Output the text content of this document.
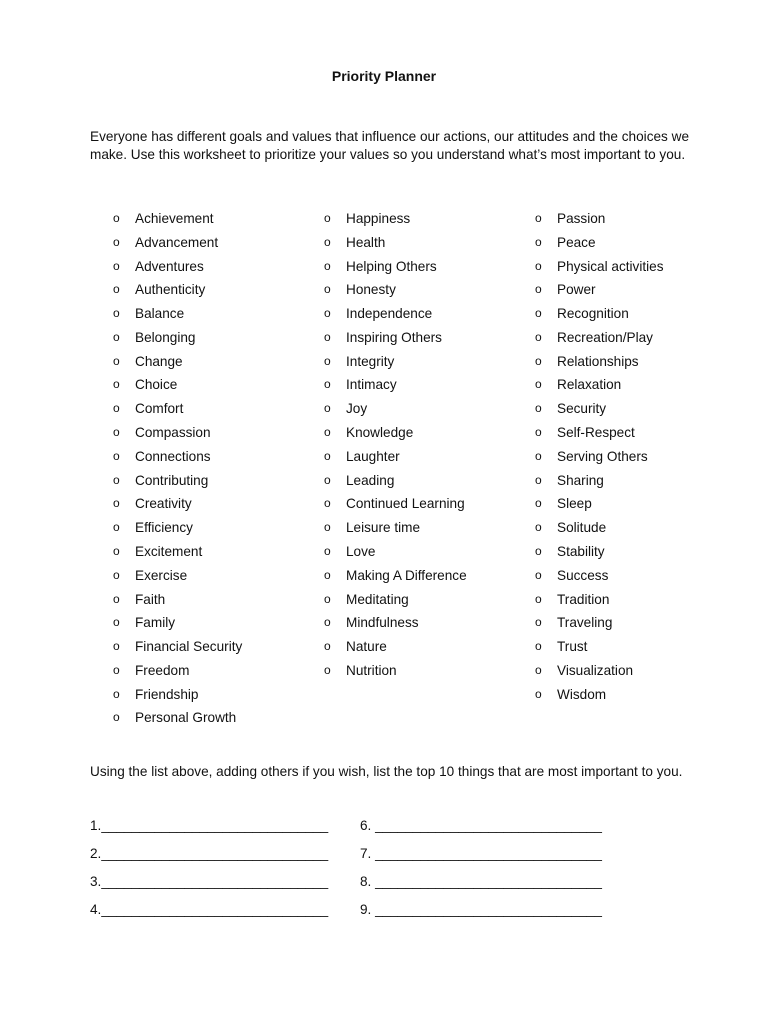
Priority Planner
Everyone has different goals and values that influence our actions, our attitudes and the choices we make. Use this worksheet to prioritize your values so you understand what’s most important to you.
o Achievement
o Advancement
o Adventures
o Authenticity
o Balance
o Belonging
o Change
o Choice
o Comfort
o Compassion
o Connections
o Contributing
o Creativity
o Efficiency
o Excitement
o Exercise
o Faith
o Family
o Financial Security
o Freedom
o Friendship
o Personal Growth
o Happiness
o Health
o Helping Others
o Honesty
o Independence
o Inspiring Others
o Integrity
o Intimacy
o Joy
o Knowledge
o Laughter
o Leading
o Continued Learning
o Leisure time
o Love
o Making A Difference
o Meditating
o Mindfulness
o Nature
o Nutrition
o Passion
o Peace
o Physical activities
o Power
o Recognition
o Recreation/Play
o Relationships
o Relaxation
o Security
o Self-Respect
o Serving Others
o Sharing
o Sleep
o Solitude
o Stability
o Success
o Tradition
o Traveling
o Trust
o Visualization
o Wisdom
Using the list above, adding others if you wish, list the top 10 things that are most important to you.
1.______________________________
2.______________________________
3.______________________________
4.______________________________
6. ______________________________
7. ______________________________
8. ______________________________
9. ______________________________
